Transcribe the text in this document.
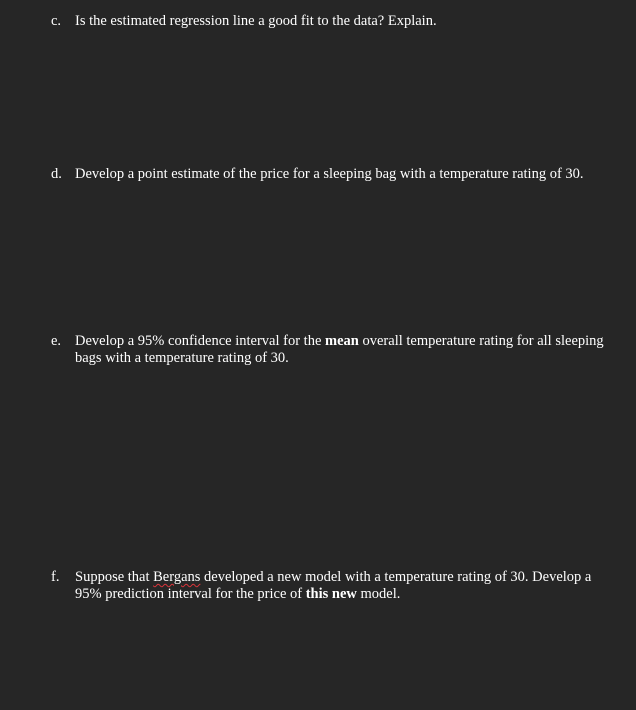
c. Is the estimated regression line a good fit to the data? Explain.
d. Develop a point estimate of the price for a sleeping bag with a temperature rating of 30.
e. Develop a 95% confidence interval for the mean overall temperature rating for all sleeping bags with a temperature rating of 30.
f.	Suppose that Bergans developed a new model with a temperature rating of 30. Develop a 95% prediction interval for the price of this new model.
